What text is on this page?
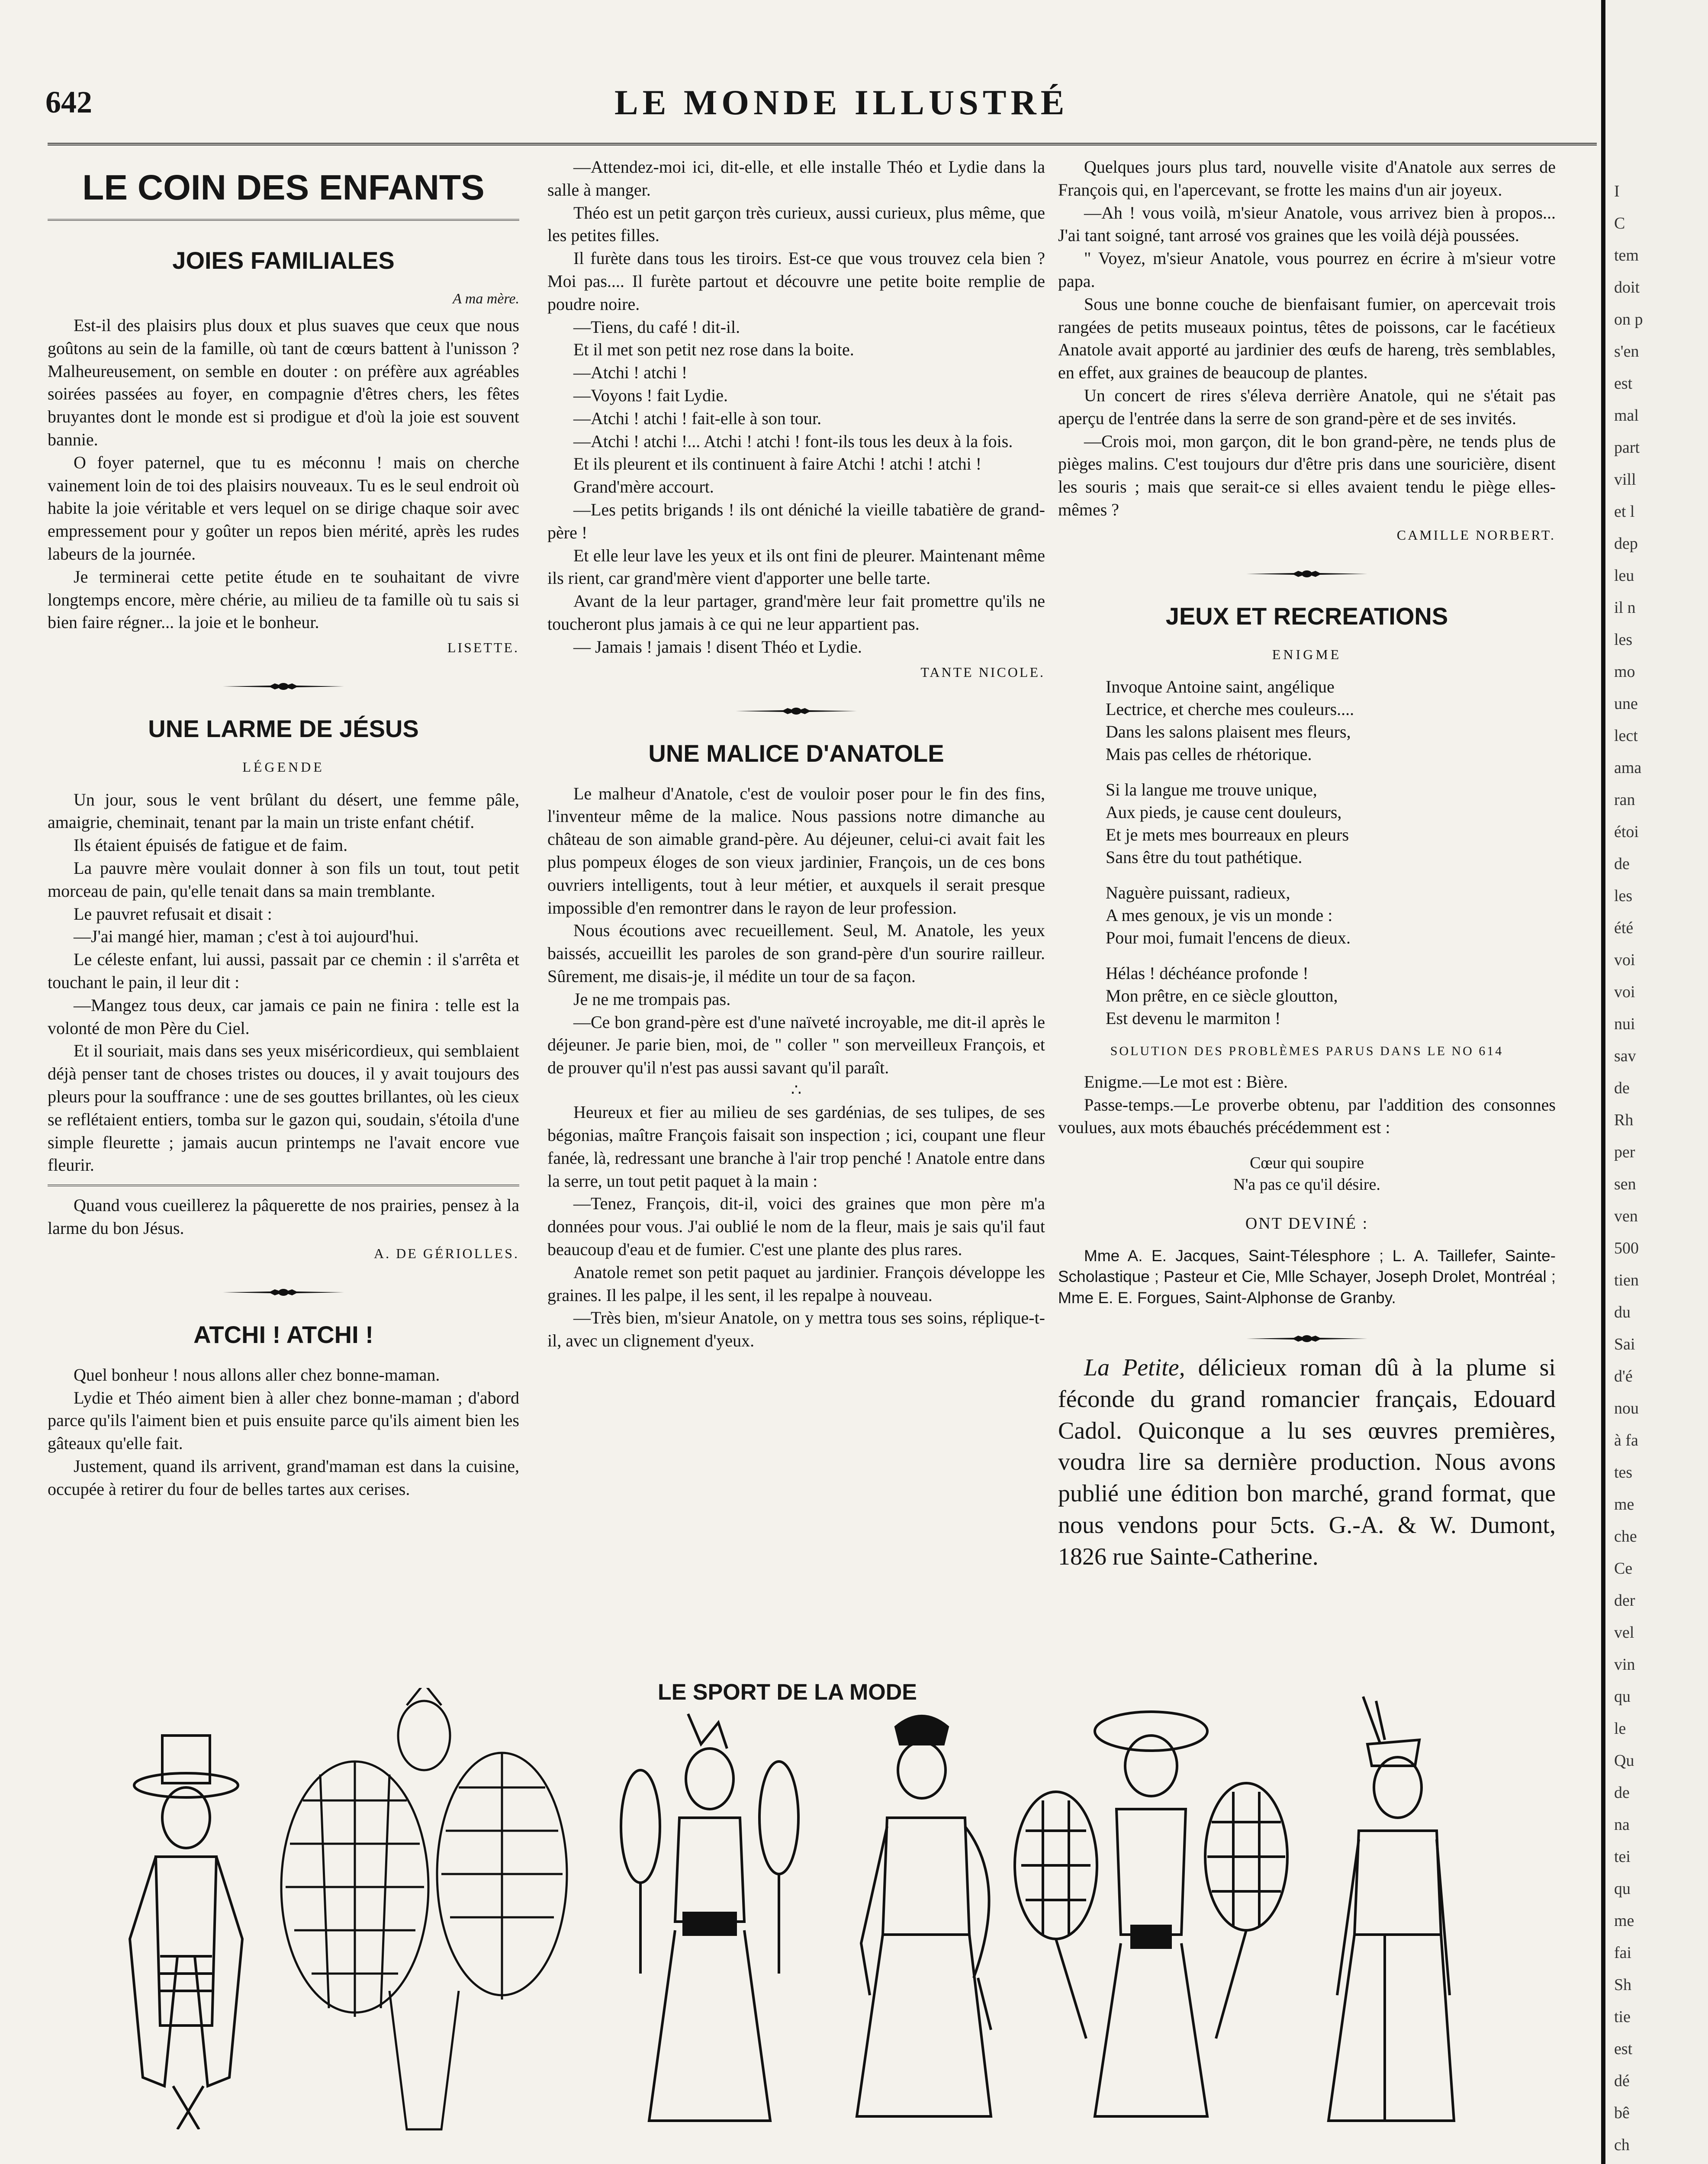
642	LE MONDE ILLUSTRÉ
LE COIN DES ENFANTS
JOIES FAMILIALES
A ma mère.

Est-il des plaisirs plus doux et plus suaves que ceux que nous goûtons au sein de la famille, où tant de cœurs battent à l'unisson ? Malheureusement, on semble en douter : on préfère aux agréables soirées passées au foyer, en compagnie d'êtres chers, les fêtes bruyantes dont le monde est si prodigue et d'où la joie est souvent bannie.

O foyer paternel, que tu es méconnu ! mais on cherche vainement loin de toi des plaisirs nouveaux. Tu es le seul endroit où habite la joie véritable et vers lequel on se dirige chaque soir avec empressement pour y goûter un repos bien mérité, après les rudes labeurs de la journée.

Je terminerai cette petite étude en te souhaitant de vivre longtemps encore, mère chérie, au milieu de ta famille où tu sais si bien faire régner... la joie et le bonheur.

LISETTE.
UNE LARME DE JÉSUS
LÉGENDE

Un jour, sous le vent brûlant du désert, une femme pâle, amaigrie, cheminait, tenant par la main un triste enfant chétif.

Ils étaient épuisés de fatigue et de faim.

La pauvre mère voulait donner à son fils un tout, tout petit morceau de pain, qu'elle tenait dans sa main tremblante.

Le pauvret refusait et disait :

—J'ai mangé hier, maman ; c'est à toi aujourd'hui.

Le céleste enfant, lui aussi, passait par ce chemin : il s'arrêta et touchant le pain, il leur dit :

—Mangez tous deux, car jamais ce pain ne finira : telle est la volonté de mon Père du Ciel.

Et il souriait, mais dans ses yeux miséricordieux, qui semblaient déjà penser tant de choses tristes ou douces, il y avait toujours des pleurs pour la souffrance : une de ses gouttes brillantes, où les cieux se reflétaient entiers, tomba sur le gazon qui, soudain, s'étoila d'une simple fleurette ; jamais aucun printemps ne l'avait encore vue fleurir.

Quand vous cueillerez la pâquerette de nos prairies, pensez à la larme du bon Jésus.

A. DE GÉRIOLLES.
ATCHI ! ATCHI !

Quel bonheur ! nous allons aller chez bonne-maman.

Lydie et Théo aiment bien à aller chez bonne-maman ; d'abord parce qu'ils l'aiment bien et puis ensuite parce qu'ils aiment bien les gâteaux qu'elle fait.

Justement, quand ils arrivent, grand'maman est dans la cuisine, occupée à retirer du four de belles tartes aux cerises.

—Attendez-moi ici, dit-elle, et elle installe Théo et Lydie dans la salle à manger.

Théo est un petit garçon très curieux, aussi curieux, plus même, que les petites filles.

Il furète dans tous les tiroirs. Est-ce que vous trouvez cela bien ? Moi pas.... Il furète partout et découvre une petite boite remplie de poudre noire.

—Tiens, du café ! dit-il.

Et il met son petit nez rose dans la boite.

—Atchi ! atchi !

—Voyons ! fait Lydie.

—Atchi ! atchi ! fait-elle à son tour.

—Atchi ! atchi !... Atchi ! atchi ! font-ils tous les deux à la fois.

Et ils pleurent et ils continuent à faire Atchi ! atchi ! atchi !

Grand'mère accourt.

—Les petits brigands ! ils ont déniché la vieille tabatière de grand-père !

Et elle leur lave les yeux et ils ont fini de pleurer. Maintenant même ils rient, car grand'mère vient d'apporter une belle tarte.

Avant de la leur partager, grand'mère leur fait promettre qu'ils ne toucheront plus jamais à ce qui ne leur appartient pas.

— Jamais ! jamais ! disent Théo et Lydie.

TANTE NICOLE.
UNE MALICE D'ANATOLE

Le malheur d'Anatole, c'est de vouloir poser pour le fin des fins, l'inventeur même de la malice. Nous passions notre dimanche au château de son aimable grand-père. Au déjeuner, celui-ci avait fait les plus pompeux éloges de son vieux jardinier, François, un de ces bons ouvriers intelligents, tout à leur métier, et auxquels il serait presque impossible d'en remontrer dans le rayon de leur profession.

Nous écoutions avec recueillement. Seul, M. Anatole, les yeux baissés, accueillit les paroles de son grand-père d'un sourire railleur. Sûrement, me disais-je, il médite un tour de sa façon.

Je ne me trompais pas.

—Ce bon grand-père est d'une naïveté incroyable, me dit-il après le déjeuner. Je parie bien, moi, de " coller " son merveilleux François, et de prouver qu'il n'est pas aussi savant qu'il paraît.

∴

Heureux et fier au milieu de ses gardénias, de ses tulipes, de ses bégonias, maître François faisait son inspection ; ici, coupant une fleur fanée, là, redressant une branche à l'air trop penché ! Anatole entre dans la serre, un tout petit paquet à la main :

—Tenez, François, dit-il, voici des graines que mon père m'a données pour vous. J'ai oublié le nom de la fleur, mais je sais qu'il faut beaucoup d'eau et de fumier. C'est une plante des plus rares.

Anatole remet son petit paquet au jardinier. François développe les graines. Il les palpe, il les sent, il les repalpe à nouveau.

—Très bien, m'sieur Anatole, on y mettra tous ses soins, réplique-t-il, avec un clignement d'yeux.

Quelques jours plus tard, nouvelle visite d'Anatole aux serres de François qui, en l'apercevant, se frotte les mains d'un air joyeux.

—Ah ! vous voilà, m'sieur Anatole, vous arrivez bien à propos... J'ai tant soigné, tant arrosé vos graines que les voilà déjà poussées.

" Voyez, m'sieur Anatole, vous pourrez en écrire à m'sieur votre papa.

Sous une bonne couche de bienfaisant fumier, on apercevait trois rangées de petits museaux pointus, têtes de poissons, car le facétieux Anatole avait apporté au jardinier des œufs de hareng, très semblables, en effet, aux graines de beaucoup de plantes.

Un concert de rires s'éleva derrière Anatole, qui ne s'était pas aperçu de l'entrée dans la serre de son grand-père et de ses invités.

—Crois moi, mon garçon, dit le bon grand-père, ne tends plus de pièges malins. C'est toujours dur d'être pris dans une souricière, disent les souris ; mais que serait-ce si elles avaient tendu le piège elles-mêmes ?

CAMILLE NORBERT.
JEUX ET RECREATIONS
ENIGME
Invoque Antoine saint, angélique
Lectrice, et cherche mes couleurs....
Dans les salons plaisent mes fleurs,
Mais pas celles de rhétorique.
Si la langue me trouve unique,
Aux pieds, je cause cent douleurs,
Et je mets mes bourreaux en pleurs
Sans être du tout pathétique.
Naguère puissant, radieux,
A mes genoux, je vis un monde :
Pour moi, fumait l'encens de dieux.
Hélas ! déchéance profonde !
Mon prêtre, en ce siècle gloutton,
Est devenu le marmiton !
SOLUTION DES PROBLÈMES PARUS DANS LE NO 614

Enigme.—Le mot est : Bière.

Passe-temps.—Le proverbe obtenu, par l'addition des consonnes voulues, aux mots ébauchés précédemment est :

Cœur qui soupire
N'a pas ce qu'il désire.
ONT DEVINÉ :

Mme A. E. Jacques, Saint-Télesphore ; L. A. Taillefer, Sainte-Scholastique ; Pasteur et Cie, Mlle Schayer, Joseph Drolet, Montréal ; Mme E. E. Forgues, Saint-Alphonse de Granby.

La Petite, délicieux roman dû à la plume si féconde du grand romancier français, Edouard Cadol. Quiconque a lu ses œuvres premières, voudra lire sa dernière production. Nous avons publié une édition bon marché, grand format, que nous vendons pour 5cts. G.-A. & W. Dumont, 1826 rue Sainte-Catherine.

LE SPORT DE LA MODE
I
C
tem
doit
on p
s'en
est
mal
part
vill
et l
dep
leu
il n
les
mo
une
lect
ama
ran
étoi
de
les
été
voi
voi
nui
sav
de
Rh
per
sen
ven
500
tien
du
Sai
d'é
nou
à fa
tes
me
che
Ce
der
vel
vin
qu
le
Qu
de
na
tei
qu
me
fai
Sh
tie
est
dé
bê
ch
